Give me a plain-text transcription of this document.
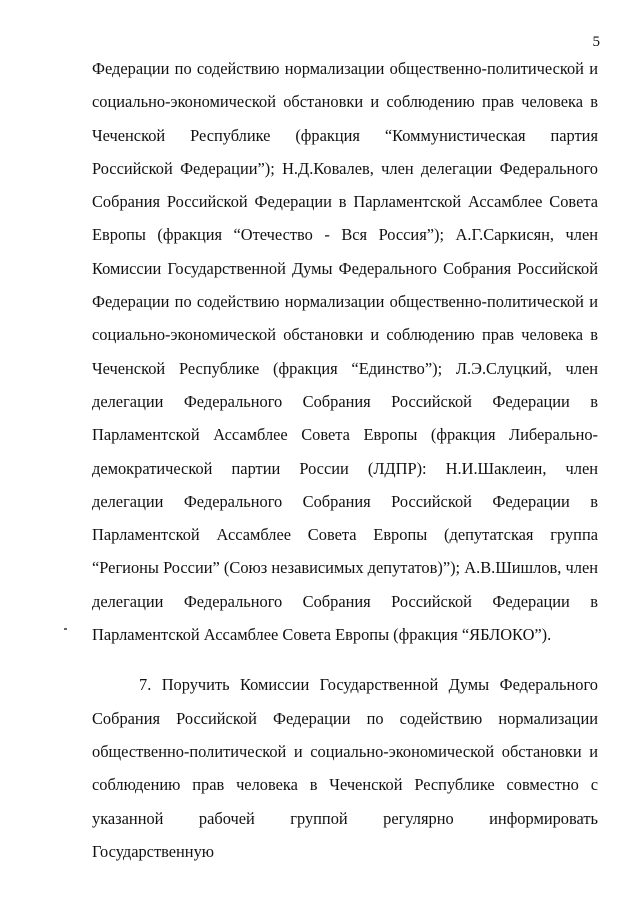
5

Федерации по содействию нормализации общественно-политической и социально-экономической обстановки и соблюдению прав человека в Чеченской Республике (фракция “Коммунистическая партия Российской Федерации”); Н.Д.Ковалев, член делегации Федерального Собрания Российской Федерации в Парламентской Ассамблее Совета Европы (фракция “Отечество - Вся Россия”); А.Г.Саркисян, член Комиссии Государственной Думы Федерального Собрания Российской Федерации по содействию нормализации общественно-политической и социально-экономической обстановки и соблюдению прав человека в Чеченской Республике (фракция “Единство”); Л.Э.Слуцкий, член делегации Федерального Собрания Российской Федерации в Парламентской Ассамблее Совета Европы (фракция Либерально-демократической партии России (ЛДПР): Н.И.Шаклеин, член делегации Федерального Собрания Российской Федерации в Парламентской Ассамблее Совета Европы (депутатская группа “Регионы России” (Союз независимых депутатов)”); А.В.Шишлов, член делегации Федерального Собрания Российской Федерации в Парламентской Ассамблее Совета Европы (фракция “ЯБЛОКО”).

7. Поручить Комиссии Государственной Думы Федерального Собрания Российской Федерации по содействию нормализации общественно-политической и социально-экономической обстановки и соблюдению прав человека в Чеченской Республике совместно с указанной рабочей группой регулярно информировать Государственную
